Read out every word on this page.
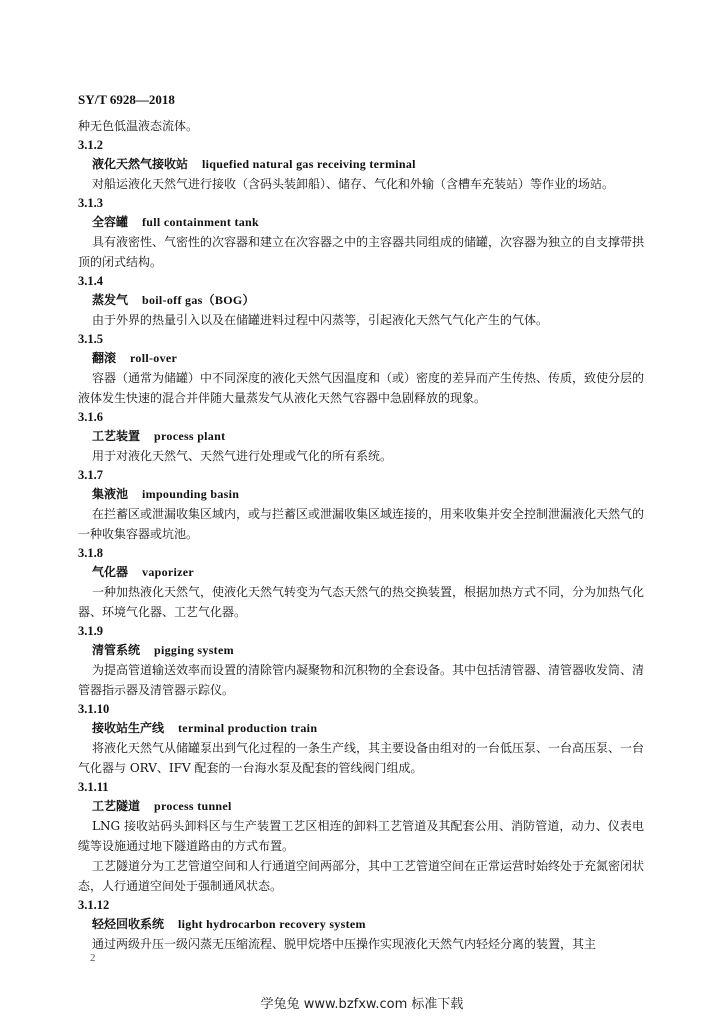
SY/T 6928—2018
种无色低温液态流体。
3.1.2
液化天然气接收站 liquefied natural gas receiving terminal
对船运液化天然气进行接收（含码头装卸船）、储存、气化和外输（含槽车充装站）等作业的场站。
3.1.3
全容罐 full containment tank
具有液密性、气密性的次容器和建立在次容器之中的主容器共同组成的储罐，次容器为独立的自支撑带拱顶的闭式结构。
3.1.4
蒸发气 boil-off gas（BOG）
由于外界的热量引入以及在储罐进料过程中闪蒸等，引起液化天然气气化产生的气体。
3.1.5
翻滚 roll-over
容器（通常为储罐）中不同深度的液化天然气因温度和（或）密度的差异而产生传热、传质，致使分层的液体发生快速的混合并伴随大量蒸发气从液化天然气容器中急剧释放的现象。
3.1.6
工艺装置 process plant
用于对液化天然气、天然气进行处理或气化的所有系统。
3.1.7
集液池 impounding basin
在拦蓄区或泄漏收集区域内，或与拦蓄区或泄漏收集区域连接的，用来收集并安全控制泄漏液化天然气的一种收集容器或坑池。
3.1.8
气化器 vaporizer
一种加热液化天然气，使液化天然气转变为气态天然气的热交换装置，根据加热方式不同，分为加热气化器、环境气化器、工艺气化器。
3.1.9
清管系统 pigging system
为提高管道输送效率而设置的清除管内凝聚物和沉积物的全套设备。其中包括清管器、清管器收发筒、清管器指示器及清管器示踪仪。
3.1.10
接收站生产线 terminal production train
将液化天然气从储罐泵出到气化过程的一条生产线，其主要设备由组对的一台低压泵、一台高压泵、一台气化器与 ORV、IFV 配套的一台海水泵及配套的管线阀门组成。
3.1.11
工艺隧道 process tunnel
LNG 接收站码头卸料区与生产装置工艺区相连的卸料工艺管道及其配套公用、消防管道，动力、仪表电缆等设施通过地下隧道路由的方式布置。
工艺隧道分为工艺管道空间和人行通道空间两部分，其中工艺管道空间在正常运营时始终处于充氮密闭状态，人行通道空间处于强制通风状态。
3.1.12
轻烃回收系统 light hydrocarbon recovery system
通过两级升压一级闪蒸无压缩流程、脱甲烷塔中压操作实现液化天然气内轻烃分离的装置，其主
2
学兔兔 www.bzfxw.com 标准下载
